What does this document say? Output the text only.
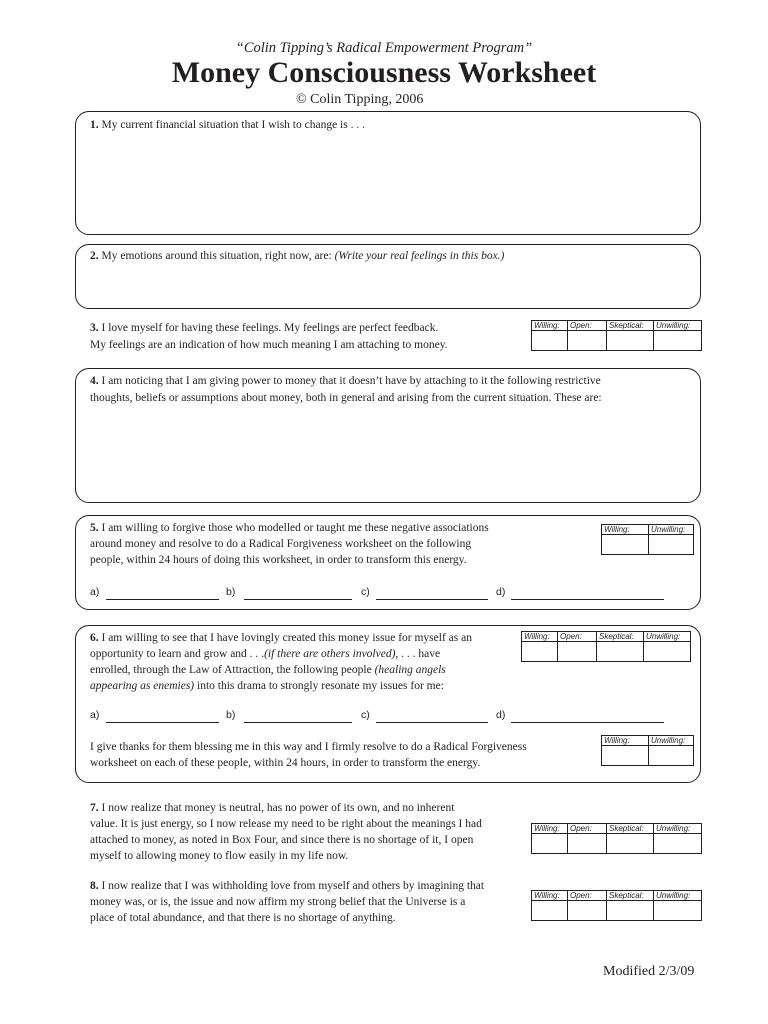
“Colin Tipping’s Radical Empowerment Program”
Money Consciousness Worksheet
© Colin Tipping, 2006
1. My current financial situation that I wish to change is . . .
2. My emotions around this situation, right now, are: (Write your real feelings in this box.)
3. I love myself for having these feelings. My feelings are perfect feedback.
My feelings are an indication of how much meaning I am attaching to money.
Willing:	Open:	Skeptical:	Unwilling:

4. I am noticing that I am giving power to money that it doesn’t have by attaching to it the following restrictive
thoughts, beliefs or assumptions about money, both in general and arising from the current situation. These are:
5. I am willing to forgive those who modelled or taught me these negative associations
around money and resolve to do a Radical Forgiveness worksheet on the following
people, within 24 hours of doing this worksheet, in order to transform this energy.
Willing:	Unwilling:

a)	b)	c)	d)
6. I am willing to see that I have lovingly created this money issue for myself as an
opportunity to learn and grow and . . .(if there are others involved), . . . have
enrolled, through the Law of Attraction, the following people (healing angels
appearing as enemies) into this drama to strongly resonate my issues for me:
Willing:	Open:	Skeptical:	Unwilling:

a)	b)	c)	d)
I give thanks for them blessing me in this way and I firmly resolve to do a Radical Forgiveness
worksheet on each of these people, within 24 hours, in order to transform the energy.
Willing:	Unwilling:

7. I now realize that money is neutral, has no power of its own, and no inherent
value. It is just energy, so I now release my need to be right about the meanings I had
attached to money, as noted in Box Four, and since there is no shortage of it, I open
myself to allowing money to flow easily in my life now.
Willing:	Open:	Skeptical:	Unwilling:

8. I now realize that I was withholding love from myself and others by imagining that
money was, or is, the issue and now affirm my strong belief that the Universe is a
place of total abundance, and that there is no shortage of anything.
Willing:	Open:	Skeptical:	Unwilling:

Modified 2/3/09
